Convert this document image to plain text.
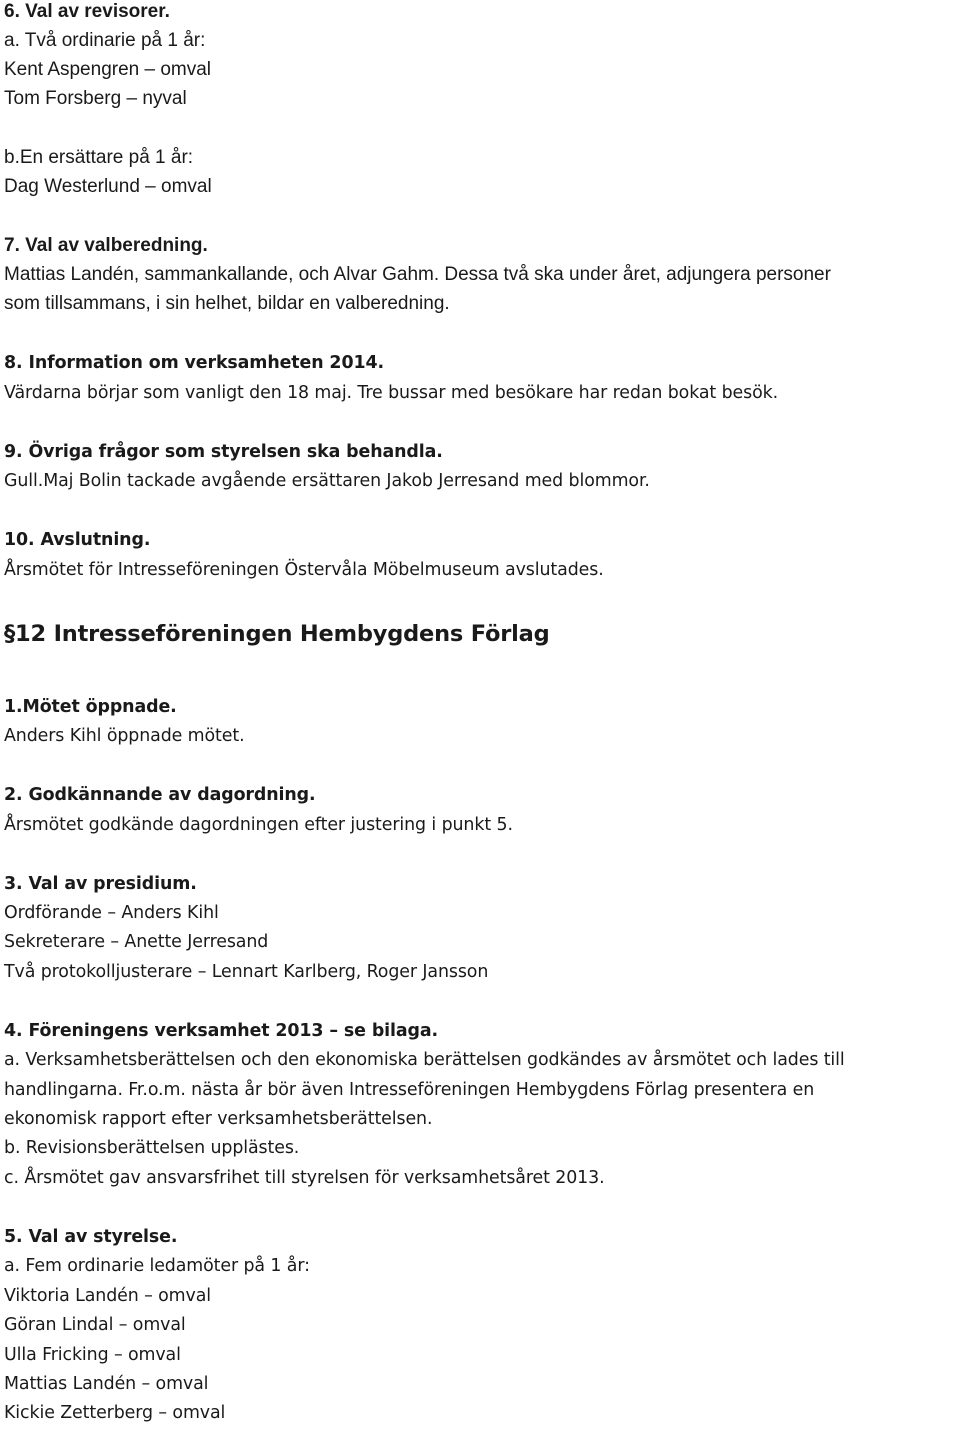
6. Val av revisorer.
a. Två ordinarie på 1 år:
Kent Aspengren – omval
Tom Forsberg – nyval
b.En ersättare på 1 år:
Dag Westerlund – omval
7. Val av valberedning.
Mattias Landén, sammankallande, och Alvar Gahm. Dessa två ska under året, adjungera personer
som tillsammans, i sin helhet, bildar en valberedning.
8. Information om verksamheten 2014.
Värdarna börjar som vanligt den 18 maj. Tre bussar med besökare har redan bokat besök.
9. Övriga frågor som styrelsen ska behandla.
Gull.Maj Bolin tackade avgående ersättaren Jakob Jerresand med blommor.
10. Avslutning.
Årsmötet för Intresseföreningen Östervåla Möbelmuseum avslutades.
§12 Intresseföreningen Hembygdens Förlag
1.Mötet öppnade.
Anders Kihl öppnade mötet.
2. Godkännande av dagordning.
Årsmötet godkände dagordningen efter justering i punkt 5.
3. Val av presidium.
Ordförande – Anders Kihl
Sekreterare – Anette Jerresand
Två protokolljusterare – Lennart Karlberg, Roger Jansson
4. Föreningens verksamhet 2013 – se bilaga.
a. Verksamhetsberättelsen och den ekonomiska berättelsen godkändes av årsmötet och lades till
handlingarna. Fr.o.m. nästa år bör även Intresseföreningen Hembygdens Förlag presentera en
ekonomisk rapport efter verksamhetsberättelsen.
b. Revisionsberättelsen upplästes.
c. Årsmötet gav ansvarsfrihet till styrelsen för verksamhetsåret 2013.
5. Val av styrelse.
a. Fem ordinarie ledamöter på 1 år:
Viktoria Landén – omval
Göran Lindal – omval
Ulla Fricking – omval
Mattias Landén – omval
Kickie Zetterberg – omval
